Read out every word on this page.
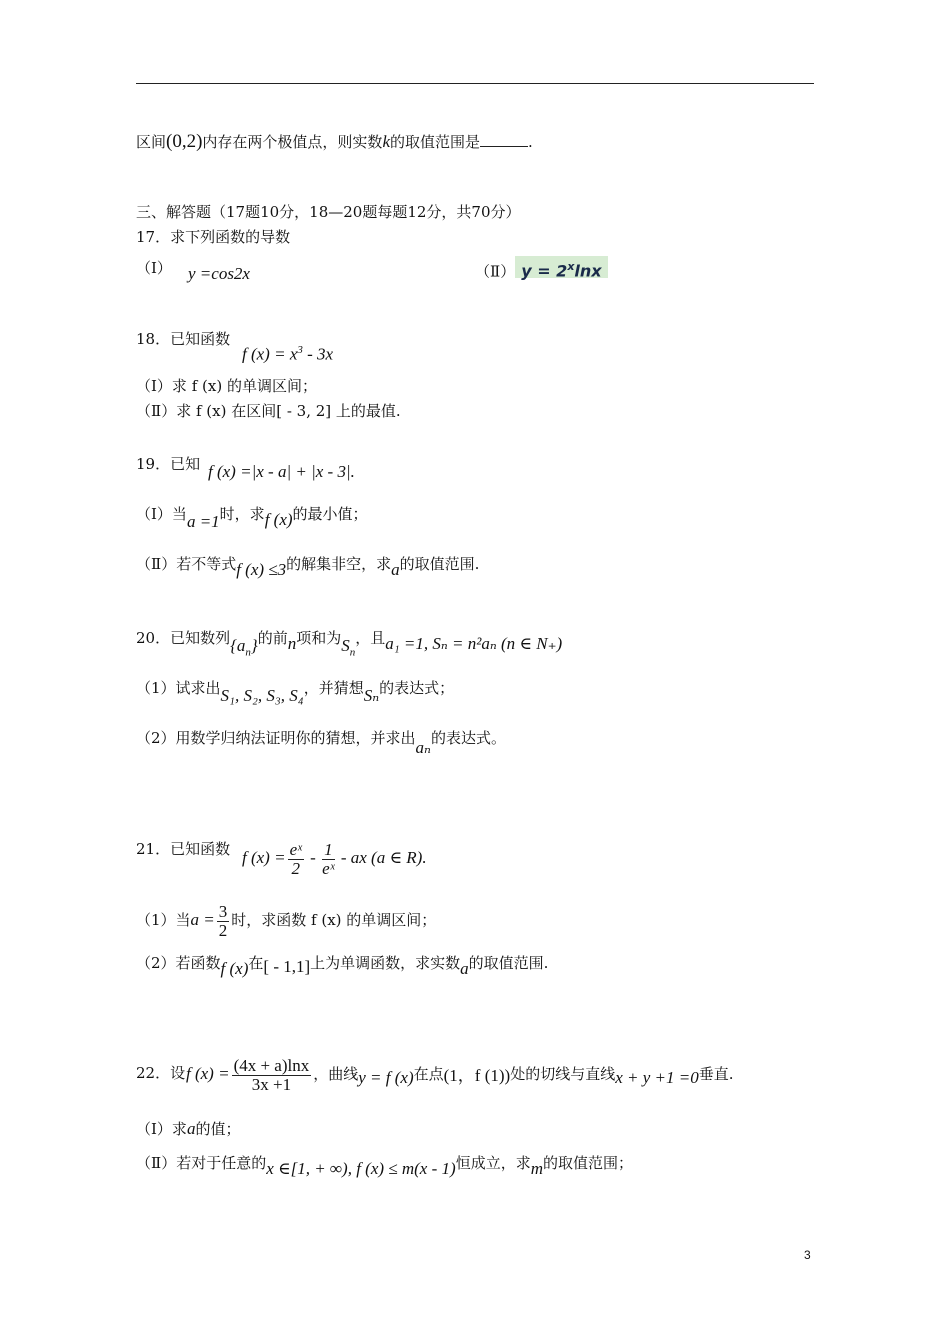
区间(0,2)内存在两个极值点，则实数k的取值范围是	.
三、解答题（17题10分，18—20题每题12分，共70分）
17．求下列函数的导数
（Ⅰ） y =cos2x	（Ⅱ） $y = 2^x\ln x$
18．已知函数
f $(x) = x^3 - 3x$
（Ⅰ）求 f (x) 的单调区间；
（Ⅱ）求 f (x) 在区间[ - 3, 2] 上的最值.
19．已知 f (x) =|x - a| + |x - 3|.
（Ⅰ）当a =1时，求f (x)的最小值；
（Ⅱ）若不等式f (x) ≤3的解集非空，求a的取值范围.
20．已知数列$\{a_n\}$的前n项和为$S_n$，且a₁ =1, Sₙ = n²aₙ (n ∈ N₊)
（1）试求出S₁, S₂, S₃, S₄，并猜想Sₙ的表达式；
（2）用数学归纳法证明你的猜想，并求出aₙ的表达式。
21．已知函数 f $(x) = \frac{\text{eˣ}}{2} - \frac{1}{\text{eˣ}}$ - ax (a ∈ R).
（1）当$a = \frac{3}{2}$ 时，求函数 f (x) 的单调区间；
（2）若函数f (x)在[ - 1,1]上为单调函数，求实数a的取值范围.
22．设 f $(x) = \frac{(4x + a)\ln x}{3x +1}$ ，曲线y = f (x)在点(1，f (1))处的切线与直线x + y +1 =0垂直.
（Ⅰ）求a的值；
（Ⅱ）若对于任意的x ∈[1, + ∞), f (x) ≤ m(x - 1)恒成立，求m的取值范围；
3
